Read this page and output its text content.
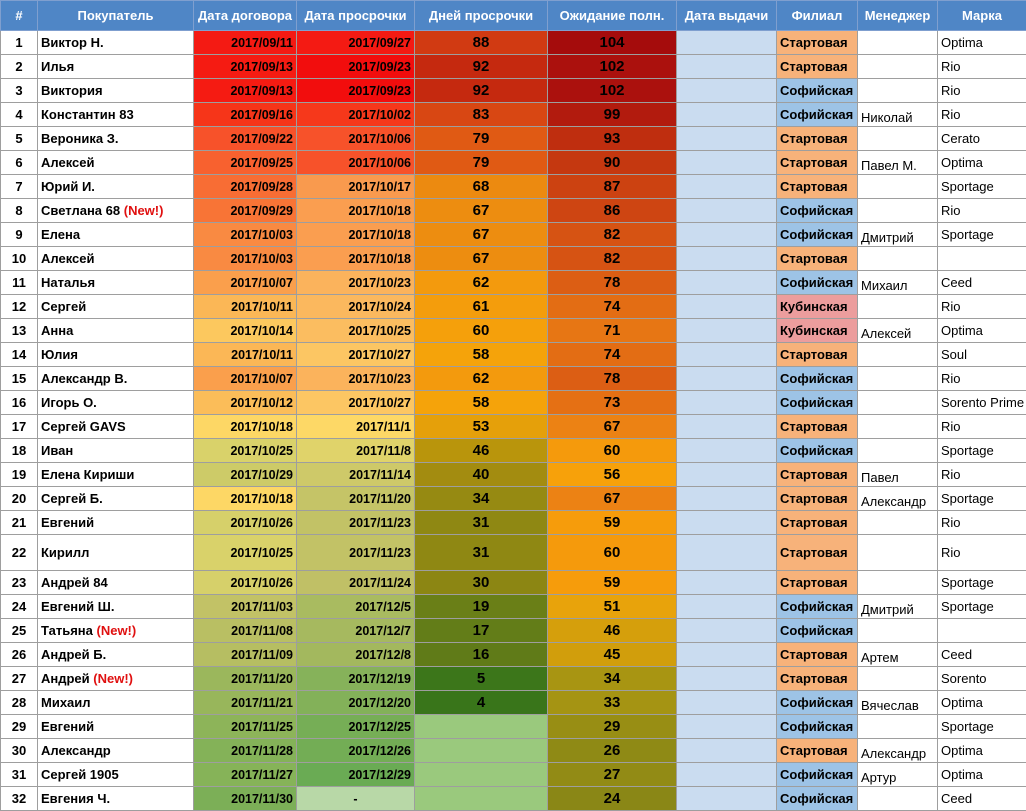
#	Покупатель	Дата договора	Дата просрочки	Дней просрочки	Ожидание полн.	Дата выдачи	Филиал	Менеджер	Марка
1	Виктор Н.	2017/09/11	2017/09/27	88	104		Стартовая		Optima
2	Илья	2017/09/13	2017/09/23	92	102		Стартовая		Rio
3	Виктория	2017/09/13	2017/09/23	92	102		Софийская		Rio
4	Константин 83	2017/09/16	2017/10/02	83	99		Софийская	Николай	Rio
5	Вероника З.	2017/09/22	2017/10/06	79	93		Стартовая		Cerato
6	Алексей	2017/09/25	2017/10/06	79	90		Стартовая	Павел М.	Optima
7	Юрий И.	2017/09/28	2017/10/17	68	87		Стартовая		Sportage
8	Светлана 68 (New!)	2017/09/29	2017/10/18	67	86		Софийская		Rio
9	Елена	2017/10/03	2017/10/18	67	82		Софийская	Дмитрий	Sportage
10	Алексей	2017/10/03	2017/10/18	67	82		Стартовая		
11	Наталья	2017/10/07	2017/10/23	62	78		Софийская	Михаил	Ceed
12	Сергей	2017/10/11	2017/10/24	61	74		Кубинская		Rio
13	Анна	2017/10/14	2017/10/25	60	71		Кубинская	Алексей	Optima
14	Юлия	2017/10/11	2017/10/27	58	74		Стартовая		Soul
15	Александр В.	2017/10/07	2017/10/23	62	78		Софийская		Rio
16	Игорь О.	2017/10/12	2017/10/27	58	73		Софийская		Sorento Prime
17	Сергей GAVS	2017/10/18	2017/11/1	53	67		Стартовая		Rio
18	Иван	2017/10/25	2017/11/8	46	60		Софийская		Sportage
19	Елена Кириши	2017/10/29	2017/11/14	40	56		Стартовая	Павел	Rio
20	Сергей Б.	2017/10/18	2017/11/20	34	67		Стартовая	Александр	Sportage
21	Евгений	2017/10/26	2017/11/23	31	59		Стартовая		Rio
22	Кирилл	2017/10/25	2017/11/23	31	60		Стартовая		Rio
23	Андрей 84	2017/10/26	2017/11/24	30	59		Стартовая		Sportage
24	Евгений Ш.	2017/11/03	2017/12/5	19	51		Софийская	Дмитрий	Sportage
25	Татьяна (New!)	2017/11/08	2017/12/7	17	46		Софийская		
26	Андрей Б.	2017/11/09	2017/12/8	16	45		Стартовая	Артем	Ceed
27	Андрей (New!)	2017/11/20	2017/12/19	5	34		Стартовая		Sorento
28	Михаил	2017/11/21	2017/12/20	4	33		Софийская	Вячеслав	Optima
29	Евгений	2017/11/25	2017/12/25		29		Софийская		Sportage
30	Александр	2017/11/28	2017/12/26		26		Стартовая	Александр	Optima
31	Сергей 1905	2017/11/27	2017/12/29		27		Софийская	Артур	Optima
32	Евгения Ч.	2017/11/30	-		24		Софийская		Ceed
